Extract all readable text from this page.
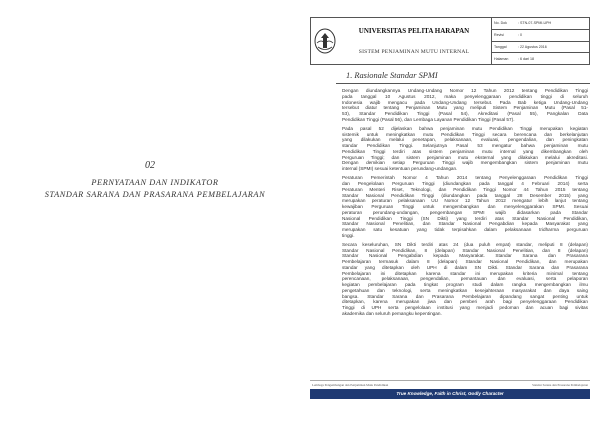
02
PERNYATAAN DAN INDIKATOR
STANDAR SARANA DAN PRASARANA PEMBELAJARAN
UNIVERSITAS PELITA HARAPAN
SISTEM PENJAMINAN MUTU INTERNAL
No. Dok	: STN-07-SPMI-UPH
Revisi	: 0
Tanggal	: 22 Agustus 2016
Halaman	: 6 dari 18
1. Rasionale Standar SPMI
Dengan diundangkannya Undang-Undang Nomor 12 Tahun 2012 tentang Pendidikan Tinggi
pada tanggal 10 Agustus 2012, maka penyelenggaraan pendidikan tinggi di seluruh
Indonesia wajib mengacu pada Undang-Undang tersebut. Pada Bab ketiga Undang-Undang
tersebut diatur tentang Penjaminan Mutu yang meliputi Sistem Penjaminan Mutu (Pasal 51-
53), Standar Pendidikan Tinggi (Pasal 54), Akreditasi (Pasal 55), Pangkalan Data
Pendidikan Tinggi (Pasal 56), dan Lembaga Layanan Pendidikan Tinggi (Pasal 57).
Pada pasal 52 dijelaskan bahwa penjaminan mutu Pendidikan Tinggi merupakan kegiatan
sistemik untuk meningkatkan mutu Pendidikan Tinggi secara berencana dan berkelanjutan
yang dilakukan melalui penetapan, pelaksanaan, evaluasi, pengendalian, dan peningkatan
standar Pendidikan Tinggi. Selanjutnya Pasal 53 mengatur bahwa penjaminan mutu
Pendidikan Tinggi terdiri atas sistem penjaminan mutu internal yang dikembangkan oleh
Perguruan Tinggi; dan sistem penjaminan mutu eksternal yang dilakukan melalui akreditasi.
Dengan demikian setiap Perguruan Tinggi wajib mengembangkan sistem penjaminan mutu
internal (SPMI) sesuai ketentuan perundang-undangan.
Peraturan Pemerintah Nomor 4 Tahun 2014 tentang Penyelenggaraan Pendidikan Tinggi
dan Pengelolaan Perguruan Tinggi (diundangkan pada tanggal 4 Februari 2014) serta
Peraturan Menteri Riset, Teknologi, dan Pendidikan Tinggi Nomor 44 Tahun 2015 tentang
Standar Nasional Pendidikan Tinggi (diundangkan pada tanggal 28 Desember 2015) yang
merupakan peraturan pelaksanaan UU Nomor 12 Tahun 2012 mengatur lebih lanjut tentang
kewajiban Perguruan Tinggi untuk mengembangkan dan menyelenggarakan SPMI. Sesuai
peraturan perundang-undangan, pengembangan SPMI wajib didasarkan pada Standar
Nasional Pendidikan Tinggi (SN Dikti) yang terdiri atas Standar Nasional Pendidikan,
Standar Nasional Penelitian, dan Standar Nasional Pengabdian kepada Masyarakat yang
merupakan satu kesatuan yang tidak terpisahkan dalam pelaksanaan tridharma perguruan
tinggi.
Secara keseluruhan, SN Dikti terdiri atas 24 (dua puluh empat) standar, meliputi 8 (delapan)
Standar Nasional Pendidikan, 8 (delapan) Standar Nasional Penelitian, dan 8 (delapan)
Standar Nasional Pengabdian kepada Masyarakat. Standar Sarana dan Prasarana
Pembelajaran termasuk dalam 8 (delapan) Standar Nasional Pendidikan, dan merupakan
standar yang ditetapkan oleh UPH di dalam SN Dikti. Standar Sarana dan Prasarana
Pembelajaran ini ditetapkan karena standar ini merupakan kriteria minimal tentang
perencanaan, pelaksanaan, pengendalian, pemantauan dan evaluasi, serta pelaporan
kegiatan pembelajaran pada tingkat program studi dalam rangka mengembangkan ilmu
pengetahuan dan teknologi, serta meningkatkan kesejahteraan masyarakat dan daya saing
bangsa. Standar Sarana dan Prasarana Pembelajaran dipandang sangat penting untuk
ditetapkan, karena merupakan jiwa dan pemberi arah bagi penyelenggaraan Pendidikan
Tinggi di UPH serta pengelolaan institusi yang menjadi pedoman dan acuan bagi sivitas
akademika dan seluruh pemangku kepentingan.
Lembaga Pengembangan dan Penjaminan Mutu Pendidikan	Standar Sarana dan Prasarana Pembelajaran
True Knowledge, Faith in Christ, Godly Character
